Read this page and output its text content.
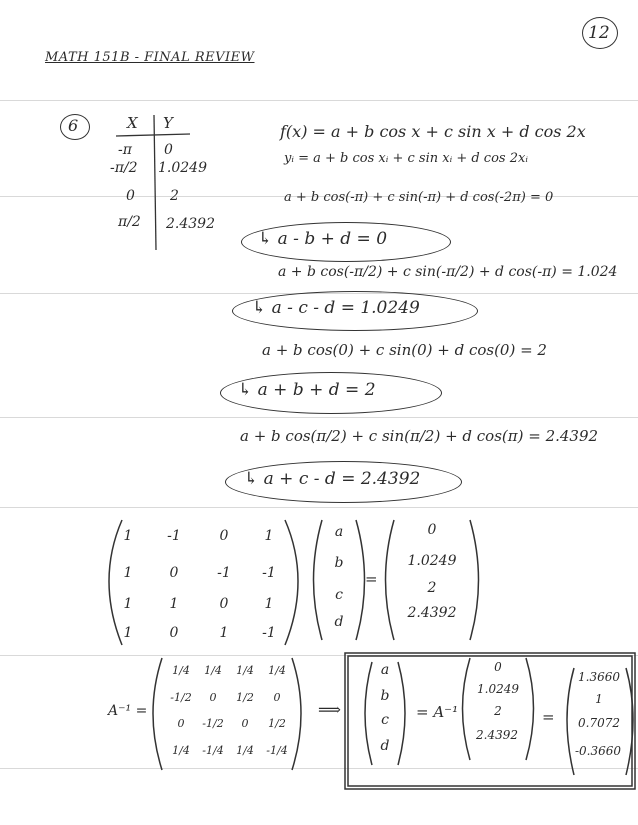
12
MATH 151B - FINAL REVIEW
6	X Y
-π 0
-π/2 1.0249
0	2
π/2 2.4392
f(x) = a + b cos x + c sin x + d cos 2x
yᵢ = a + b cos xᵢ + c sin xᵢ + d cos 2xᵢ
a + b cos(-π) + c sin(-π) + d cos(-2π) = 0
↳ a - b + d = 0
a + b cos(-π/2) + c sin(-π/2) + d cos(-π) = 1.024
↳ a - c - d = 1.0249
a + b cos(0) + c sin(0) + d cos(0) = 2
↳ a + b + d = 2
a + b cos(π/2) + c sin(π/2) + d cos(π) = 2.4392
↳ a + c - d = 2.4392
1	-1	0	1
1	0	-1	-1
1	1	0	1
1	0	1	-1
a
b
c
d
=
0
1.0249
2
2.4392
A⁻¹ =
1/4	1/4	1/4	1/4
-1/2	0	1/2	0
0	-1/2	0	1/2
1/4	-1/4	1/4	-1/4
⟹
a
b
c
d
= A⁻¹
0
1.0249
2
2.4392
=
1.3660
1
0.7072
-0.3660
